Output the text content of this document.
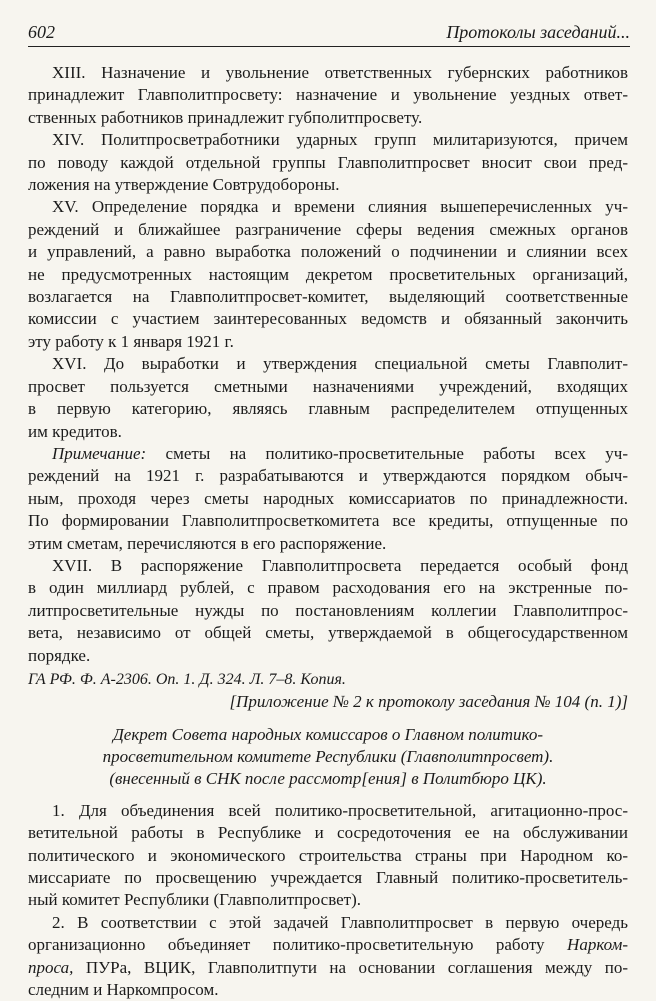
602	Протоколы заседаний...

XIII. Назначение и увольнение ответственных губернских работников
принадлежит Главполитпросвету: назначение и увольнение уездных ответ-
ственных работников принадлежит губполитпросвету.

XIV. Политпросветработники ударных групп милитаризуются, причем
по поводу каждой отдельной группы Главполитпросвет вносит свои пред-
ложения на утверждение Совтрудобороны.

XV. Определение порядка и времени слияния вышеперечисленных уч-
реждений и ближайшее разграничение сферы ведения смежных органов
и управлений, а равно выработка положений о подчинении и слиянии всех
не предусмотренных настоящим декретом просветительных организаций,
возлагается на Главполитпросвет-комитет, выделяющий соответственные
комиссии с участием заинтересованных ведомств и обязанный закончить
эту работу к 1 января 1921 г.

XVI. До выработки и утверждения специальной сметы Главполит-
просвет пользуется сметными назначениями учреждений, входящих
в первую категорию, являясь главным распределителем отпущенных
им кредитов.

Примечание: сметы на политико-просветительные работы всех уч-
реждений на 1921 г. разрабатываются и утверждаются порядком обыч-
ным, проходя через сметы народных комиссариатов по принадлежности.
По формировании Главполитпросветкомитета все кредиты, отпущенные по
этим сметам, перечисляются в его распоряжение.

XVII. В распоряжение Главполитпросвета передается особый фонд
в один миллиард рублей, с правом расходования его на экстренные по-
литпросветительные нужды по постановлениям коллегии Главполитпрос-
вета, независимо от общей сметы, утверждаемой в общегосударственном
порядке.

ГА РФ. Ф. А-2306. Оп. 1. Д. 324. Л. 7–8. Копия.

[Приложение № 2 к протоколу заседания № 104 (п. 1)]

Декрет Совета народных комиссаров о Главном политико-
просветительном комитете Республики (Главполитпросвет).
(внесенный в СНК после рассмотр[ения] в Политбюро ЦК).

1. Для объединения всей политико-просветительной, агитационно-прос-
ветительной работы в Республике и сосредоточения ее на обслуживании
политического и экономического строительства страны при Народном ко-
миссариате по просвещению учреждается Главный политико-просветитель-
ный комитет Республики (Главполитпросвет).

2. В соответствии с этой задачей Главполитпросвет в первую очередь
организационно объединяет политико-просветительную работу Нарком-
проса, ПУРа, ВЦИК, Главполитпути на основании соглашения между по-
следним и Наркомпросом.
